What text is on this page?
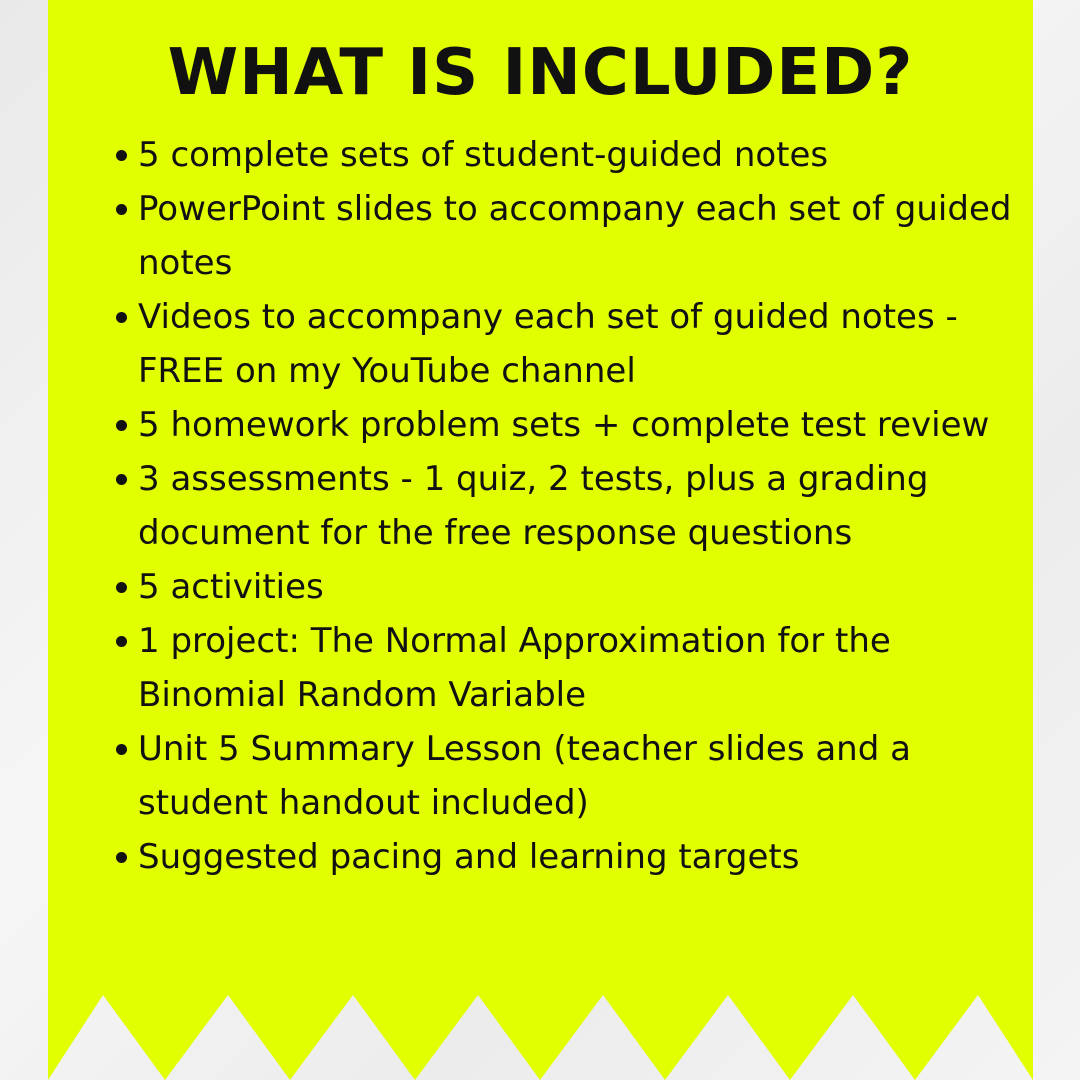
WHAT IS INCLUDED?
5 complete sets of student-guided notes
PowerPoint slides to accompany each set of guided notes
Videos to accompany each set of guided notes - FREE on my YouTube channel
5 homework problem sets + complete test review
3 assessments - 1 quiz, 2 tests, plus a grading document for the free response questions
5 activities
1 project: The Normal Approximation for the Binomial Random Variable
Unit 5 Summary Lesson (teacher slides and a student handout included)
Suggested pacing and learning targets
